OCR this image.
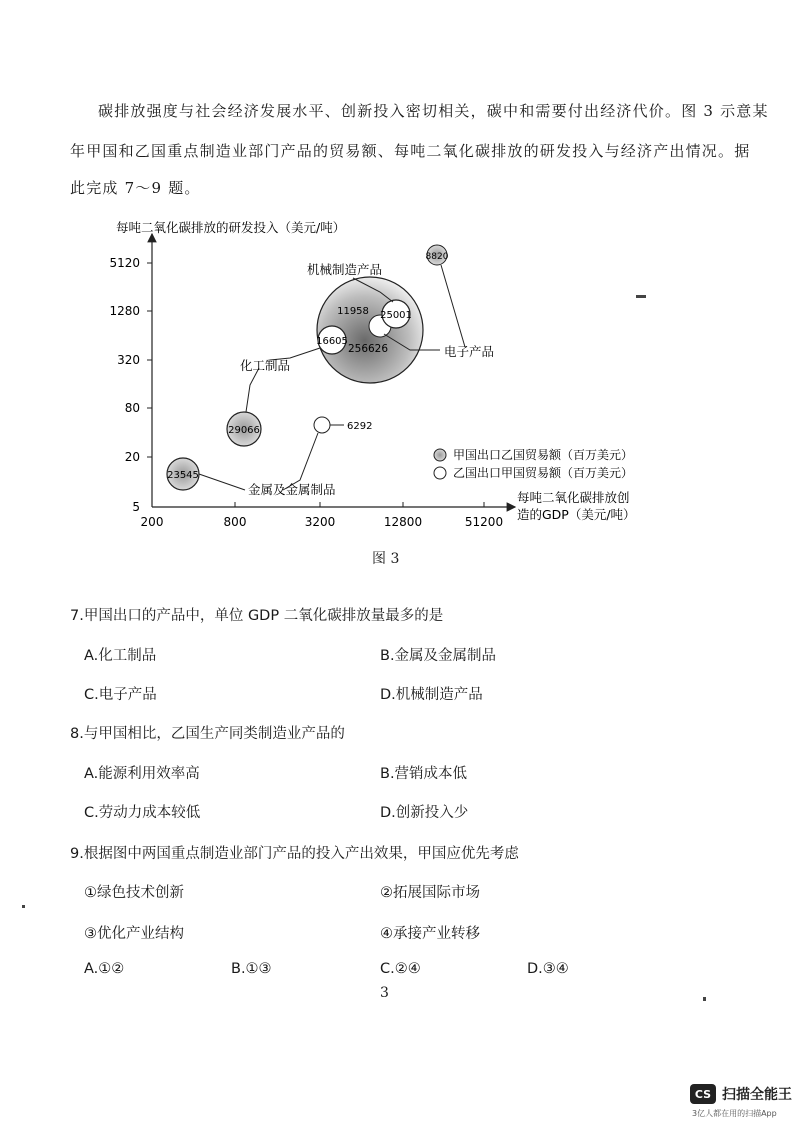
碳排放强度与社会经济发展水平、创新投入密切相关，碳中和需要付出经济代价。图 3 示意某

年甲国和乙国重点制造业部门产品的贸易额、每吨二氧化碳排放的研发投入与经济产出情况。据

此完成 7～9 题。

每吨二氧化碳排放的研发投入（美元/吨）
5120
1280
320
80
20
5
200	800	3200	12800	51200
每吨二氧化碳排放创
造的GDP（美元/吨）
256626
11958 25001
8820
16605
29066	6292
23545
机械制造产品
电子产品
化工制品
金属及金属制品
甲国出口乙国贸易额（百万美元）
乙国出口甲国贸易额（百万美元）
图 3
7.甲国出口的产品中，单位 GDP 二氧化碳排放量最多的是
A.化工制品	B.金属及金属制品
C.电子产品	D.机械制造产品
8.与甲国相比，乙国生产同类制造业产品的
A.能源利用效率高	B.营销成本低
C.劳动力成本较低	D.创新投入少
9.根据图中两国重点制造业部门产品的投入产出效果，甲国应优先考虑
①绿色技术创新	②拓展国际市场
③优化产业结构	④承接产业转移
A.①②	B.①③	C.②④	D.③④
3
CS 扫描全能王
3亿人都在用的扫描App
